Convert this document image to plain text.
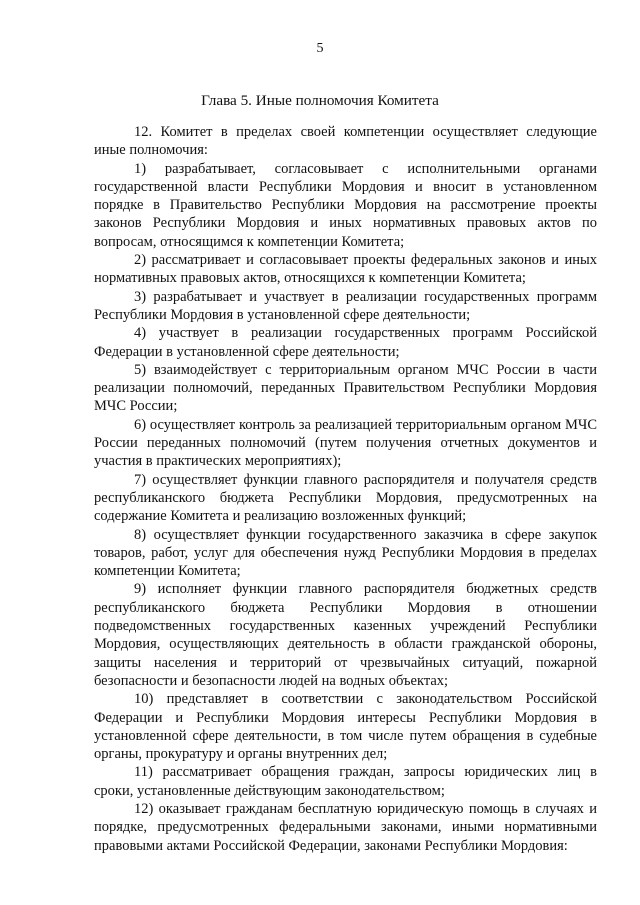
5
Глава 5. Иные полномочия Комитета

12. Комитет в пределах своей компетенции осуществляет следующие иные полномочия:

1) разрабатывает, согласовывает с исполнительными органами государственной власти Республики Мордовия и вносит в установленном порядке в Правительство Республики Мордовия на рассмотрение проекты законов Республики Мордовия и иных нормативных правовых актов по вопросам, относящимся к компетенции Комитета;

2) рассматривает и согласовывает проекты федеральных законов и иных нормативных правовых актов, относящихся к компетенции Комитета;

3) разрабатывает и участвует в реализации государственных программ Республики Мордовия в установленной сфере деятельности;

4) участвует в реализации государственных программ Российской Федерации в установленной сфере деятельности;

5) взаимодействует с территориальным органом МЧС России в части реализации полномочий, переданных Правительством Республики Мордовия МЧС России;

6) осуществляет контроль за реализацией территориальным органом МЧС России переданных полномочий (путем получения отчетных документов и участия в практических мероприятиях);

7) осуществляет функции главного распорядителя и получателя средств республиканского бюджета Республики Мордовия, предусмотренных на содержание Комитета и реализацию возложенных функций;

8) осуществляет функции государственного заказчика в сфере закупок товаров, работ, услуг для обеспечения нужд Республики Мордовия в пределах компетенции Комитета;

9) исполняет функции главного распорядителя бюджетных средств республиканского бюджета Республики Мордовия в отношении подведомственных государственных казенных учреждений Республики Мордовия, осуществляющих деятельность в области гражданской обороны, защиты населения и территорий от чрезвычайных ситуаций, пожарной безопасности и безопасности людей на водных объектах;

10) представляет в соответствии с законодательством Российской Федерации и Республики Мордовия интересы Республики Мордовия в установленной сфере деятельности, в том числе путем обращения в судебные органы, прокуратуру и органы внутренних дел;

11) рассматривает обращения граждан, запросы юридических лиц в сроки, установленные действующим законодательством;

12) оказывает гражданам бесплатную юридическую помощь в случаях и порядке, предусмотренных федеральными законами, иными нормативными правовыми актами Российской Федерации, законами Республики Мордовия:
